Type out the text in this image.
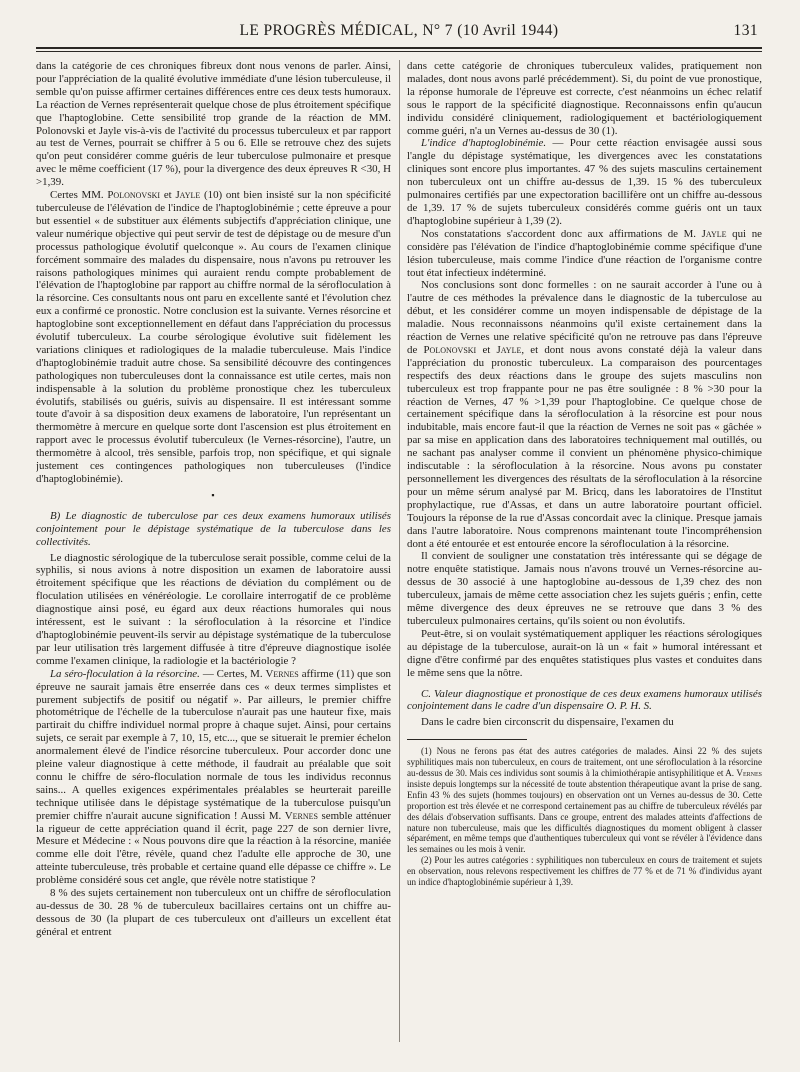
LE PROGRÈS MÉDICAL, N° 7 (10 Avril 1944)	131

dans la catégorie de ces chroniques fibreux dont nous venons de parler. Ainsi, pour l'appréciation de la qualité évolutive immédiate d'une lésion tuberculeuse, il semble qu'on puisse affirmer certaines différences entre ces deux tests humoraux. La réaction de Vernes représenterait quelque chose de plus étroitement spécifique que l'haptoglobine. Cette sensibilité trop grande de la réaction de MM. Polonovski et Jayle vis-à-vis de l'activité du processus tuberculeux et par rapport au test de Vernes, pourrait se chiffrer à 5 ou 6. Elle se retrouve chez des sujets qu'on peut considérer comme guéris de leur tuberculose pulmonaire et presque avec le même coefficient (17 %), pour la divergence des deux épreuves R <30, H >1,39.

Certes MM. Polonovski et Jayle (10) ont bien insisté sur la non spécificité tuberculeuse de l'élévation de l'indice de l'haptoglobinémie ; cette épreuve a pour but essentiel « de substituer aux éléments subjectifs d'appréciation clinique, une valeur numérique objective qui peut servir de test de dépistage ou de mesure d'un processus pathologique évolutif quelconque ». Au cours de l'examen clinique forcément sommaire des malades du dispensaire, nous n'avons pu retrouver les raisons pathologiques minimes qui auraient rendu compte probablement de l'élévation de l'haptoglobine par rapport au chiffre normal de la sérofloculation à la résorcine. Ces consultants nous ont paru en excellente santé et l'évolution chez eux a confirmé ce pronostic. Notre conclusion est la suivante. Vernes résorcine et haptoglobine sont exceptionnellement en défaut dans l'appréciation du processus évolutif tuberculeux. La courbe sérologique évolutive suit fidèlement les variations cliniques et radiologiques de la maladie tuberculeuse. Mais l'indice d'haptoglobinémie traduit autre chose. Sa sensibilité découvre des contingences pathologiques non tuberculeuses dont la connaissance est utile certes, mais non indispensable à la solution du problème pronostique chez les tuberculeux évolutifs, stabilisés ou guéris, suivis au dispensaire. Il est intéressant somme toute d'avoir à sa disposition deux examens de laboratoire, l'un représentant un thermomètre à mercure en quelque sorte dont l'ascension est plus étroitement en rapport avec le processus évolutif tuberculeux (le Vernes-résorcine), l'autre, un thermomètre à alcool, très sensible, parfois trop, non spécifique, et qui signale justement ces contingences pathologiques non tuberculeuses (l'indice d'haptoglobinémie).

▪

B) Le diagnostic de tuberculose par ces deux examens humoraux utilisés conjointement pour le dépistage systématique de la tuberculose dans les collectivités.

Le diagnostic sérologique de la tuberculose serait possible, comme celui de la syphilis, si nous avions à notre disposition un examen de laboratoire aussi étroitement spécifique que les réactions de déviation du complément ou de floculation utilisées en vénéréologie. Le corollaire interrogatif de ce problème diagnostique ainsi posé, eu égard aux deux réactions humorales qui nous intéressent, est le suivant : la sérofloculation à la résorcine et l'indice d'haptoglobinémie peuvent-ils servir au dépistage systématique de la tuberculose par leur utilisation très largement diffusée à titre d'épreuve diagnostique isolée comme l'examen clinique, la radiologie et la bactériologie ?

La séro-floculation à la résorcine. — Certes, M. Vernes affirme (11) que son épreuve ne saurait jamais être enserrée dans ces « deux termes simplistes et purement subjectifs de positif ou négatif ». Par ailleurs, le premier chiffre photométrique de l'échelle de la tuberculose n'aurait pas une hauteur fixe, mais partirait du chiffre individuel normal propre à chaque sujet. Ainsi, pour certains sujets, ce serait par exemple à 7, 10, 15, etc..., que se situerait le premier échelon anormalement élevé de l'indice résorcine tuberculeux. Pour accorder donc une pleine valeur diagnostique à cette méthode, il faudrait au préalable que soit connu le chiffre de séro-floculation normale de tous les individus reconnus sains... A quelles exigences expérimentales préalables se heurterait pareille technique utilisée dans le dépistage systématique de la tuberculose puisqu'un premier chiffre n'aurait aucune signification ! Aussi M. Vernes semble atténuer la rigueur de cette appréciation quand il écrit, page 227 de son dernier livre, Mesure et Médecine : « Nous pouvons dire que la réaction à la résorcine, maniée comme elle doit l'être, révèle, quand chez l'adulte elle approche de 30, une atteinte tuberculeuse, très probable et certaine quand elle dépasse ce chiffre ». Le problème considéré sous cet angle, que révèle notre statistique ?

8 % des sujets certainement non tuberculeux ont un chiffre de sérofloculation au-dessus de 30. 28 % de tuberculeux bacillaires certains ont un chiffre au-dessous de 30 (la plupart de ces tuberculeux ont d'ailleurs un excellent état général et entrent

dans cette catégorie de chroniques tuberculeux valides, pratiquement non malades, dont nous avons parlé précédemment). Si, du point de vue pronostique, la réponse humorale de l'épreuve est correcte, c'est néanmoins un échec relatif sous le rapport de la spécificité diagnostique. Reconnaissons enfin qu'aucun individu considéré cliniquement, radiologiquement et bactériologiquement comme guéri, n'a un Vernes au-dessus de 30 (1).

L'indice d'haptoglobinémie. — Pour cette réaction envisagée aussi sous l'angle du dépistage systématique, les divergences avec les constatations cliniques sont encore plus importantes. 47 % des sujets masculins certainement non tuberculeux ont un chiffre au-dessus de 1,39. 15 % des tuberculeux pulmonaires certifiés par une expectoration bacillifère ont un chiffre au-dessous de 1,39. 17 % de sujets tuberculeux considérés comme guéris ont un taux d'haptoglobine supérieur à 1,39 (2).

Nos constatations s'accordent donc aux affirmations de M. Jayle qui ne considère pas l'élévation de l'indice d'haptoglobinémie comme spécifique d'une lésion tuberculeuse, mais comme l'indice d'une réaction de l'organisme contre tout état infectieux indéterminé.

Nos conclusions sont donc formelles : on ne saurait accorder à l'une ou à l'autre de ces méthodes la prévalence dans le diagnostic de la tuberculose au début, et les considérer comme un moyen indispensable de dépistage de la maladie. Nous reconnaissons néanmoins qu'il existe certainement dans la réaction de Vernes une relative spécificité qu'on ne retrouve pas dans l'épreuve de Polonovski et Jayle, et dont nous avons constaté déjà la valeur dans l'appréciation du pronostic tuberculeux. La comparaison des pourcentages respectifs des deux réactions dans le groupe des sujets masculins non tuberculeux est trop frappante pour ne pas être soulignée : 8 % >30 pour la réaction de Vernes, 47 % >1,39 pour l'haptoglobine. Ce quelque chose de certainement spécifique dans la sérofloculation à la résorcine est pour nous indubitable, mais encore faut-il que la réaction de Vernes ne soit pas « gâchée » par sa mise en application dans des laboratoires techniquement mal outillés, ou ne sachant pas analyser comme il convient un phénomène physico-chimique indiscutable : la sérofloculation à la résorcine. Nous avons pu constater personnellement les divergences des résultats de la sérofloculation à la résorcine pour un même sérum analysé par M. Bricq, dans les laboratoires de l'Institut prophylactique, rue d'Assas, et dans un autre laboratoire pourtant officiel. Toujours la réponse de la rue d'Assas concordait avec la clinique. Presque jamais dans l'autre laboratoire. Nous comprenons maintenant toute l'incompréhension dont a été entourée et est entourée encore la sérofloculation à la résorcine.

Il convient de souligner une constatation très intéressante qui se dégage de notre enquête statistique. Jamais nous n'avons trouvé un Vernes-résorcine au-dessus de 30 associé à une haptoglobine au-dessous de 1,39 chez des non tuberculeux, jamais de même cette association chez les sujets guéris ; enfin, cette même divergence des deux épreuves ne se retrouve que dans 3 % des tuberculeux pulmonaires certains, qu'ils soient ou non évolutifs.

Peut-être, si on voulait systématiquement appliquer les réactions sérologiques au dépistage de la tuberculose, aurait-on là un « fait » humoral intéressant et digne d'être confirmé par des enquêtes statistiques plus vastes et conduites dans le même sens que la nôtre.

C. Valeur diagnostique et pronostique de ces deux examens humoraux utilisés conjointement dans le cadre d'un dispensaire O. P. H. S.

Dans le cadre bien circonscrit du dispensaire, l'examen du

(1) Nous ne ferons pas état des autres catégories de malades. Ainsi 22 % des sujets syphilitiques mais non tuberculeux, en cours de traitement, ont une sérofloculation à la résorcine au-dessus de 30. Mais ces individus sont soumis à la chimiothérapie antisyphilitique et A. Vernes insiste depuis longtemps sur la nécessité de toute abstention thérapeutique avant la prise de sang. Enfin 43 % des sujets (hommes toujours) en observation ont un Vernes au-dessus de 30. Cette proportion est très élevée et ne correspond certainement pas au chiffre de tuberculeux révélés par des délais d'observation suffisants. Dans ce groupe, entrent des malades atteints d'affections de nature non tuberculeuse, mais que les difficultés diagnostiques du moment obligent à classer séparément, en même temps que d'authentiques tuberculeux qui vont se révéler à l'évidence dans les semaines ou les mois à venir.

(2) Pour les autres catégories : syphilitiques non tuberculeux en cours de traitement et sujets en observation, nous relevons respectivement les chiffres de 77 % et de 71 % d'individus ayant un indice d'haptoglobinémie supérieur à 1,39.
